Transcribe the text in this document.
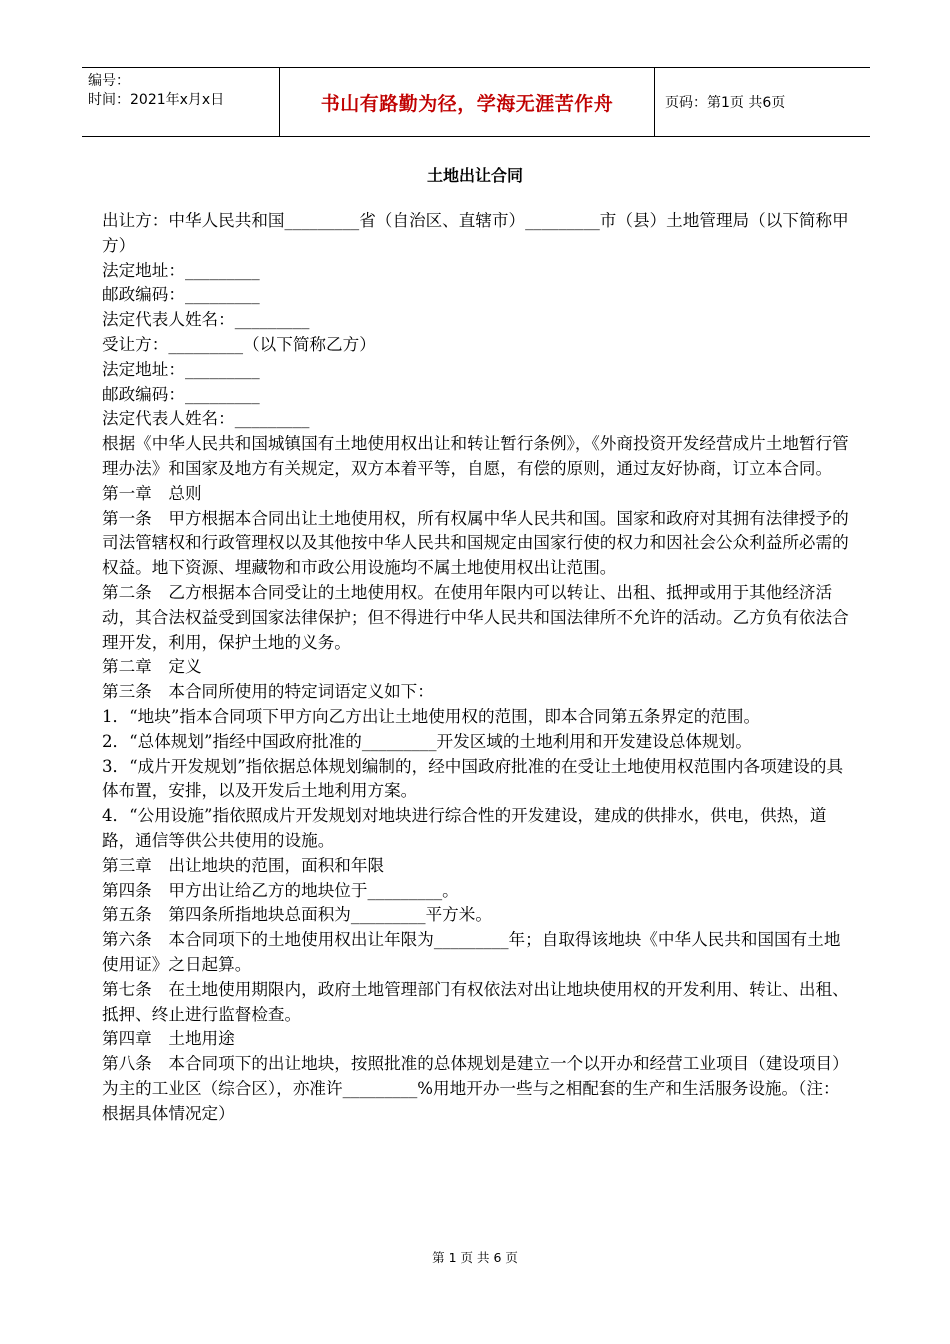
编号：
时间：2021年x月x日	书山有路勤为径，学海无涯苦作舟	页码：第1页 共6页
土地出让合同

出让方：中华人民共和国_________省（自治区、直辖市）_________市（县）土地管理局（以下简称甲方）

法定地址：_________

邮政编码：_________

法定代表人姓名：_________

受让方：_________（以下简称乙方）

法定地址：_________

邮政编码：_________

法定代表人姓名：_________

根据《中华人民共和国城镇国有土地使用权出让和转让暂行条例》，《外商投资开发经营成片土地暂行管理办法》和国家及地方有关规定，双方本着平等，自愿，有偿的原则，通过友好协商，订立本合同。

第一章　总则

第一条　甲方根据本合同出让土地使用权，所有权属中华人民共和国。国家和政府对其拥有法律授予的司法管辖权和行政管理权以及其他按中华人民共和国规定由国家行使的权力和因社会公众利益所必需的权益。地下资源、埋藏物和市政公用设施均不属土地使用权出让范围。

第二条　乙方根据本合同受让的土地使用权。在使用年限内可以转让、出租、抵押或用于其他经济活动，其合法权益受到国家法律保护；但不得进行中华人民共和国法律所不允许的活动。乙方负有依法合理开发，利用，保护土地的义务。

第二章　定义

第三条　本合同所使用的特定词语定义如下：

1．“地块”指本合同项下甲方向乙方出让土地使用权的范围，即本合同第五条界定的范围。

2．“总体规划”指经中国政府批准的_________开发区域的土地利用和开发建设总体规划。

3．“成片开发规划”指依据总体规划编制的，经中国政府批准的在受让土地使用权范围内各项建设的具体布置，安排，以及开发后土地利用方案。

4．“公用设施”指依照成片开发规划对地块进行综合性的开发建设，建成的供排水，供电，供热，道路，通信等供公共使用的设施。

第三章　出让地块的范围，面积和年限

第四条　甲方出让给乙方的地块位于_________。

第五条　第四条所指地块总面积为_________平方米。

第六条　本合同项下的土地使用权出让年限为_________年；自取得该地块《中华人民共和国国有土地使用证》之日起算。

第七条　在土地使用期限内，政府土地管理部门有权依法对出让地块使用权的开发利用、转让、出租、抵押、终止进行监督检查。

第四章　土地用途

第八条　本合同项下的出让地块，按照批准的总体规划是建立一个以开办和经营工业项目（建设项目）为主的工业区（综合区），亦准许_________%用地开办一些与之相配套的生产和生活服务设施。（注：根据具体情况定）

第 1 页 共 6 页
